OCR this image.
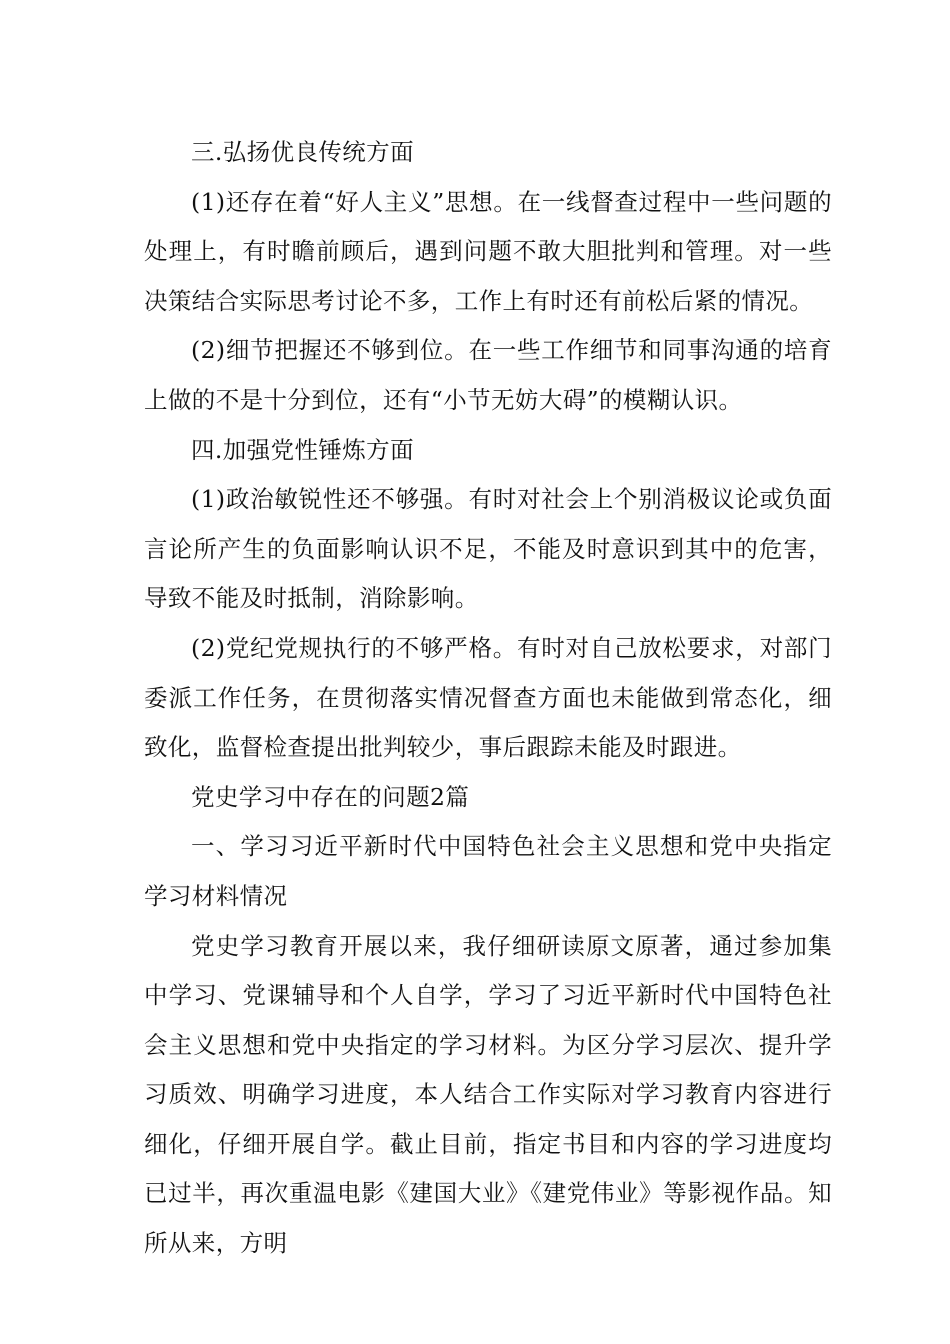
三.弘扬优良传统方面

(1)还存在着“好人主义”思想。在一线督查过程中一些问题的处理上，有时瞻前顾后，遇到问题不敢大胆批判和管理。对一些决策结合实际思考讨论不多，工作上有时还有前松后紧的情况。

(2)细节把握还不够到位。在一些工作细节和同事沟通的培育上做的不是十分到位，还有“小节无妨大碍”的模糊认识。

四.加强党性锤炼方面

(1)政治敏锐性还不够强。有时对社会上个别消极议论或负面言论所产生的负面影响认识不足，不能及时意识到其中的危害，导致不能及时抵制，消除影响。

(2)党纪党规执行的不够严格。有时对自己放松要求，对部门委派工作任务，在贯彻落实情况督查方面也未能做到常态化，细致化，监督检查提出批判较少，事后跟踪未能及时跟进。

党史学习中存在的问题2篇

一、学习习近平新时代中国特色社会主义思想和党中央指定学习材料情况

党史学习教育开展以来，我仔细研读原文原著，通过参加集中学习、党课辅导和个人自学，学习了习近平新时代中国特色社会主义思想和党中央指定的学习材料。为区分学习层次、提升学习质效、明确学习进度，本人结合工作实际对学习教育内容进行细化，仔细开展自学。截止目前，指定书目和内容的学习进度均已过半，再次重温电影《建国大业》《建党伟业》等影视作品。知所从来，方明
